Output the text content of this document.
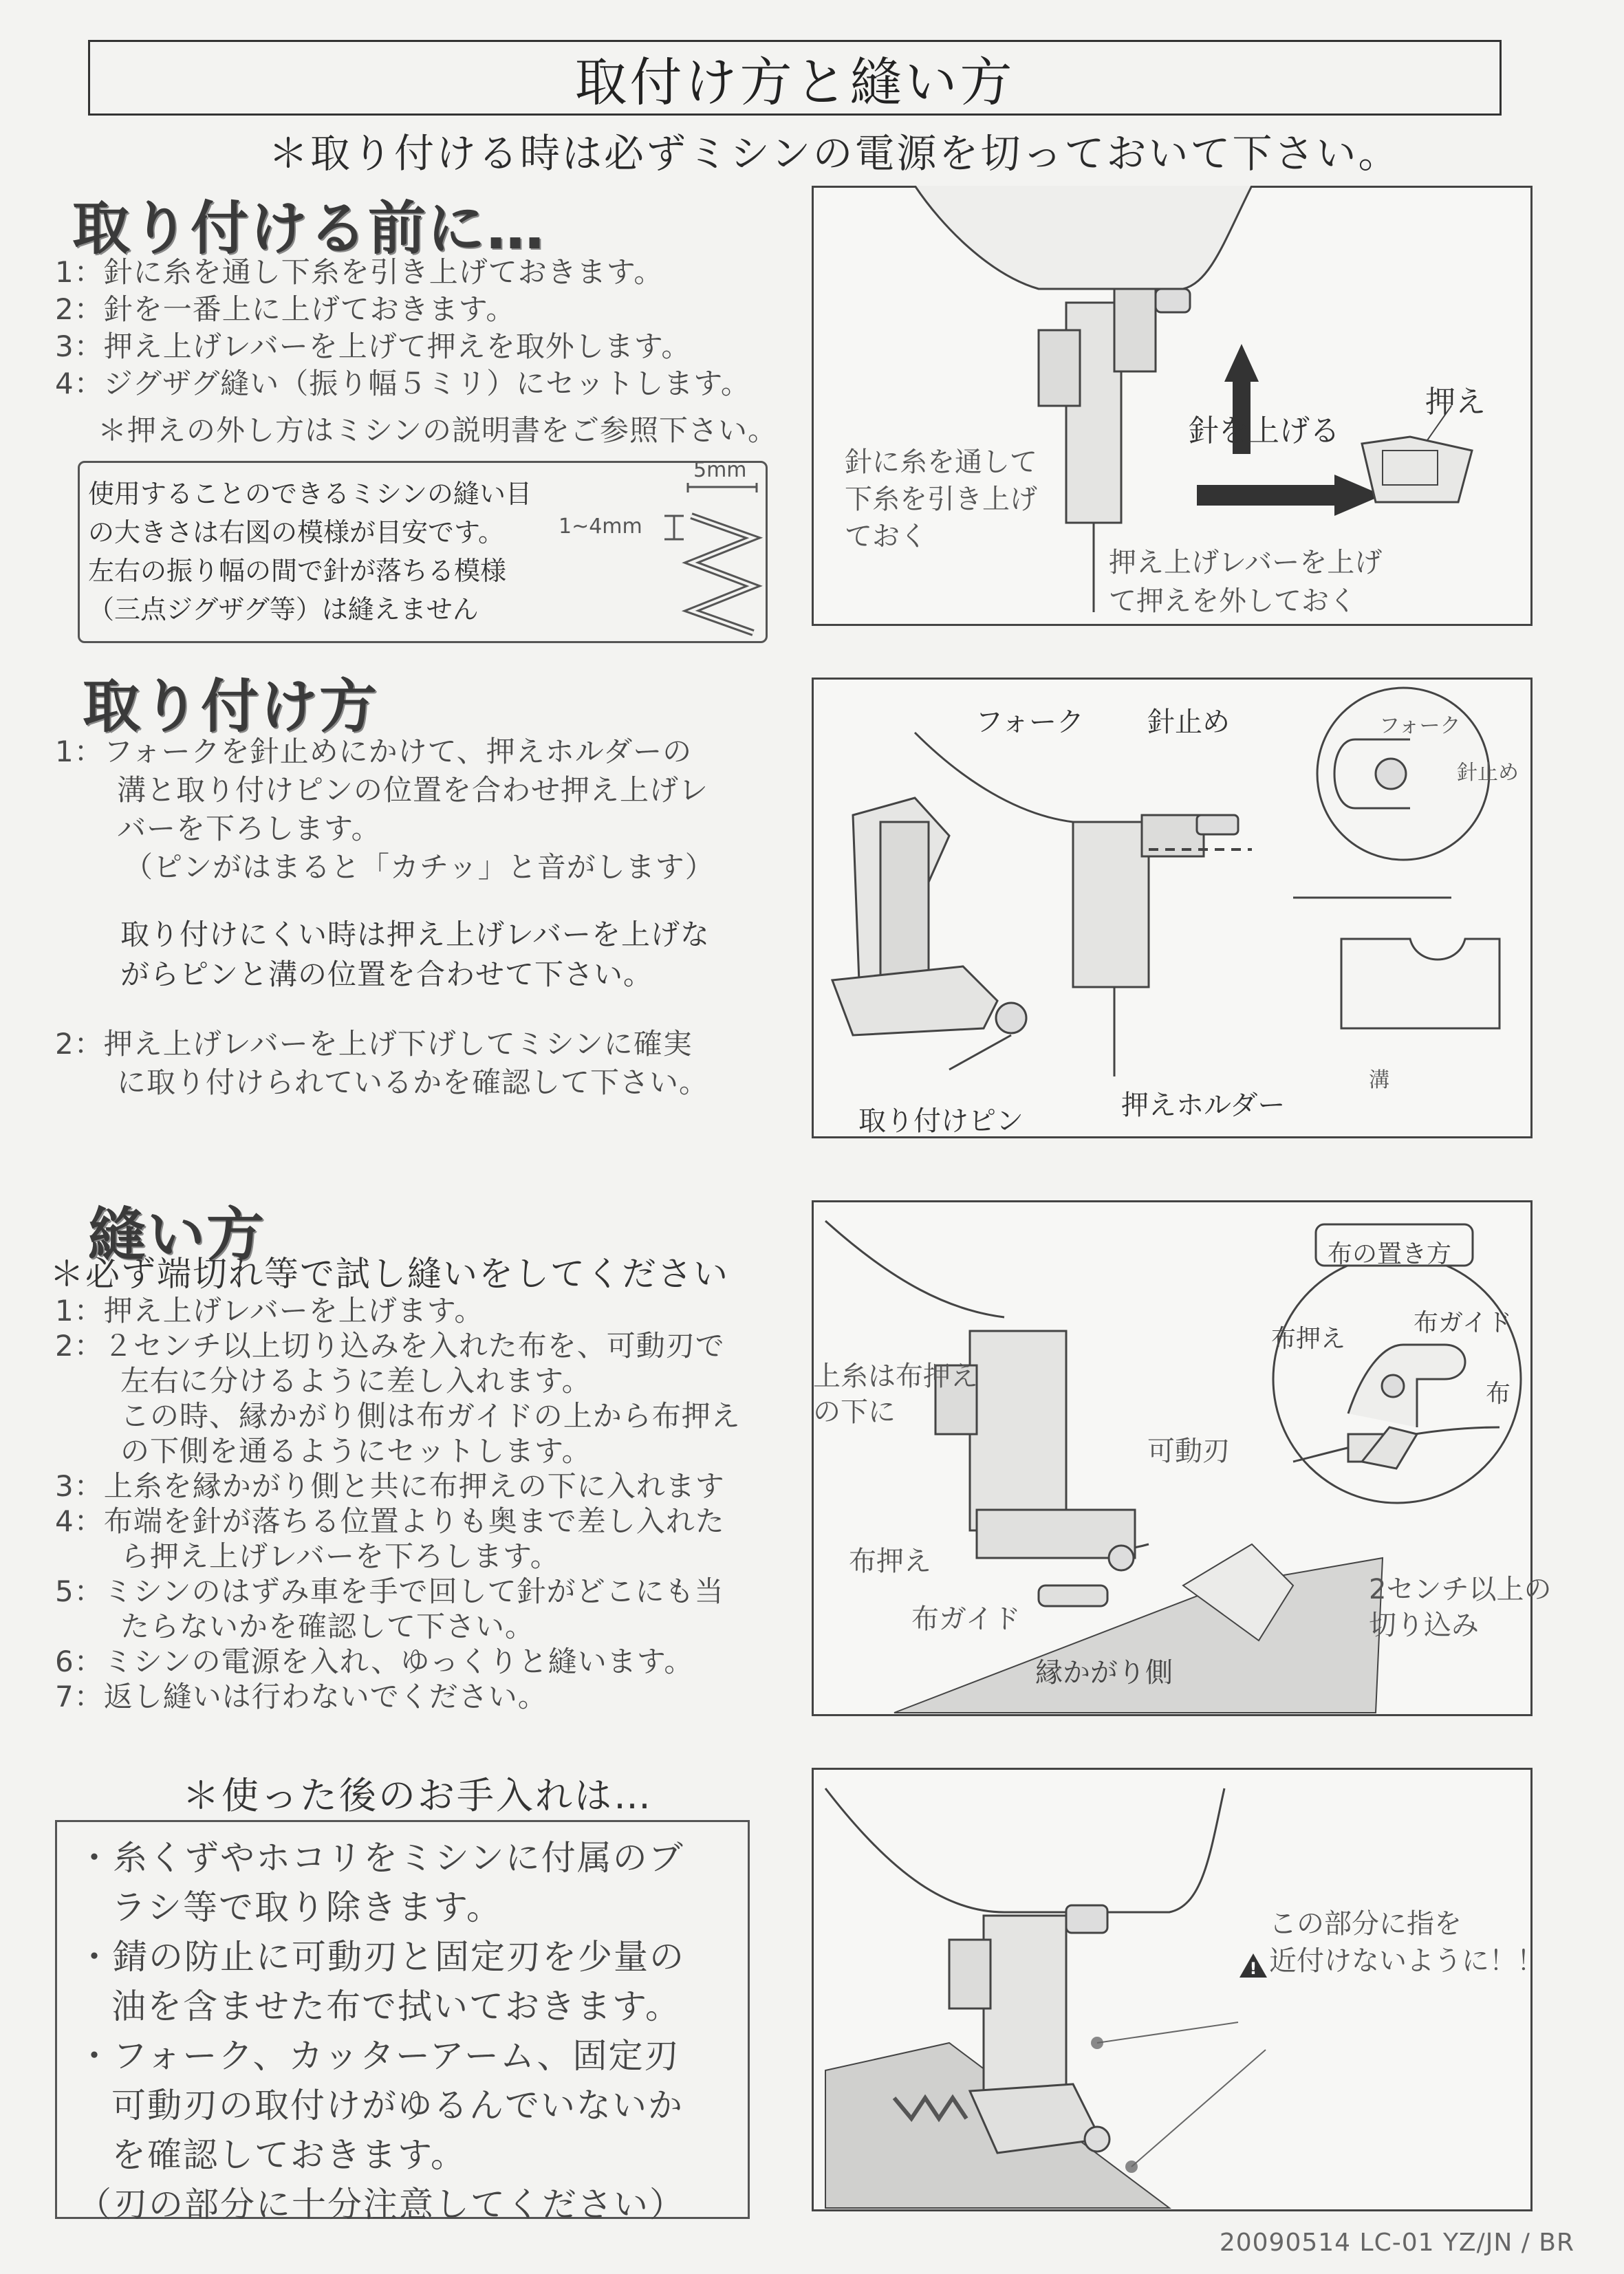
取付け方と縫い方
＊取り付ける時は必ずミシンの電源を切っておいて下さい。
取り付ける前に…
1：針に糸を通し下糸を引き上げておきます。
2：針を一番上に上げておきます。
3：押え上げレバーを上げて押えを取外します。
4：ジグザグ縫い（振り幅５ミリ）にセットします。
＊押えの外し方はミシンの説明書をご参照下さい。
使用することのできるミシンの縫い目
の大きさは右図の模様が目安です。
左右の振り幅の間で針が落ちる模様
（三点ジグザグ等）は縫えません
5mm
1~4mm
針を上げる
押え
針に糸を通して
下糸を引き上げ
ておく
押え上げレバーを上げ
て押えを外しておく
取り付け方
1：フォークを針止めにかけて、押えホルダーの
溝と取り付けピンの位置を合わせ押え上げレ
バーを下ろします。
（ピンがはまると「カチッ」と音がします）
取り付けにくい時は押え上げレバーを上げな
がらピンと溝の位置を合わせて下さい。
2：押え上げレバーを上げ下げしてミシンに確実
に取り付けられているかを確認して下さい。
フォーク 針止め	フォーク
針止め
溝
取り付けピン	押えホルダー
縫い方
＊必ず端切れ等で試し縫いをしてください
1：押え上げレバーを上げます。
2：２センチ以上切り込みを入れた布を、可動刃で
左右に分けるように差し入れます。
この時、縁かがり側は布ガイドの上から布押え
の下側を通るようにセットします。
3：上糸を縁かがり側と共に布押えの下に入れます
4：布端を針が落ちる位置よりも奥まで差し入れた
ら押え上げレバーを下ろします。
5：ミシンのはずみ車を手で回して針がどこにも当
たらないかを確認して下さい。
6：ミシンの電源を入れ、ゆっくりと縫います。
7：返し縫いは行わないでください。
布の置き方
布押え
布ガイド
布
上糸は布押え
の下に
可動刃
布押え
布ガイド
2センチ以上の
切り込み
縁かがり側
＊使った後のお手入れは…
・糸くずやホコリをミシンに付属のブ
ラシ等で取り除きます。
・錆の防止に可動刃と固定刃を少量の
油を含ませた布で拭いておきます。
・フォーク、カッターアーム、固定刃
可動刃の取付けがゆるんでいないか
を確認しておきます。
（刃の部分に十分注意してください）
!
この部分に指を
近付けないように！！
20090514 LC-01 YZ/JN / BR
